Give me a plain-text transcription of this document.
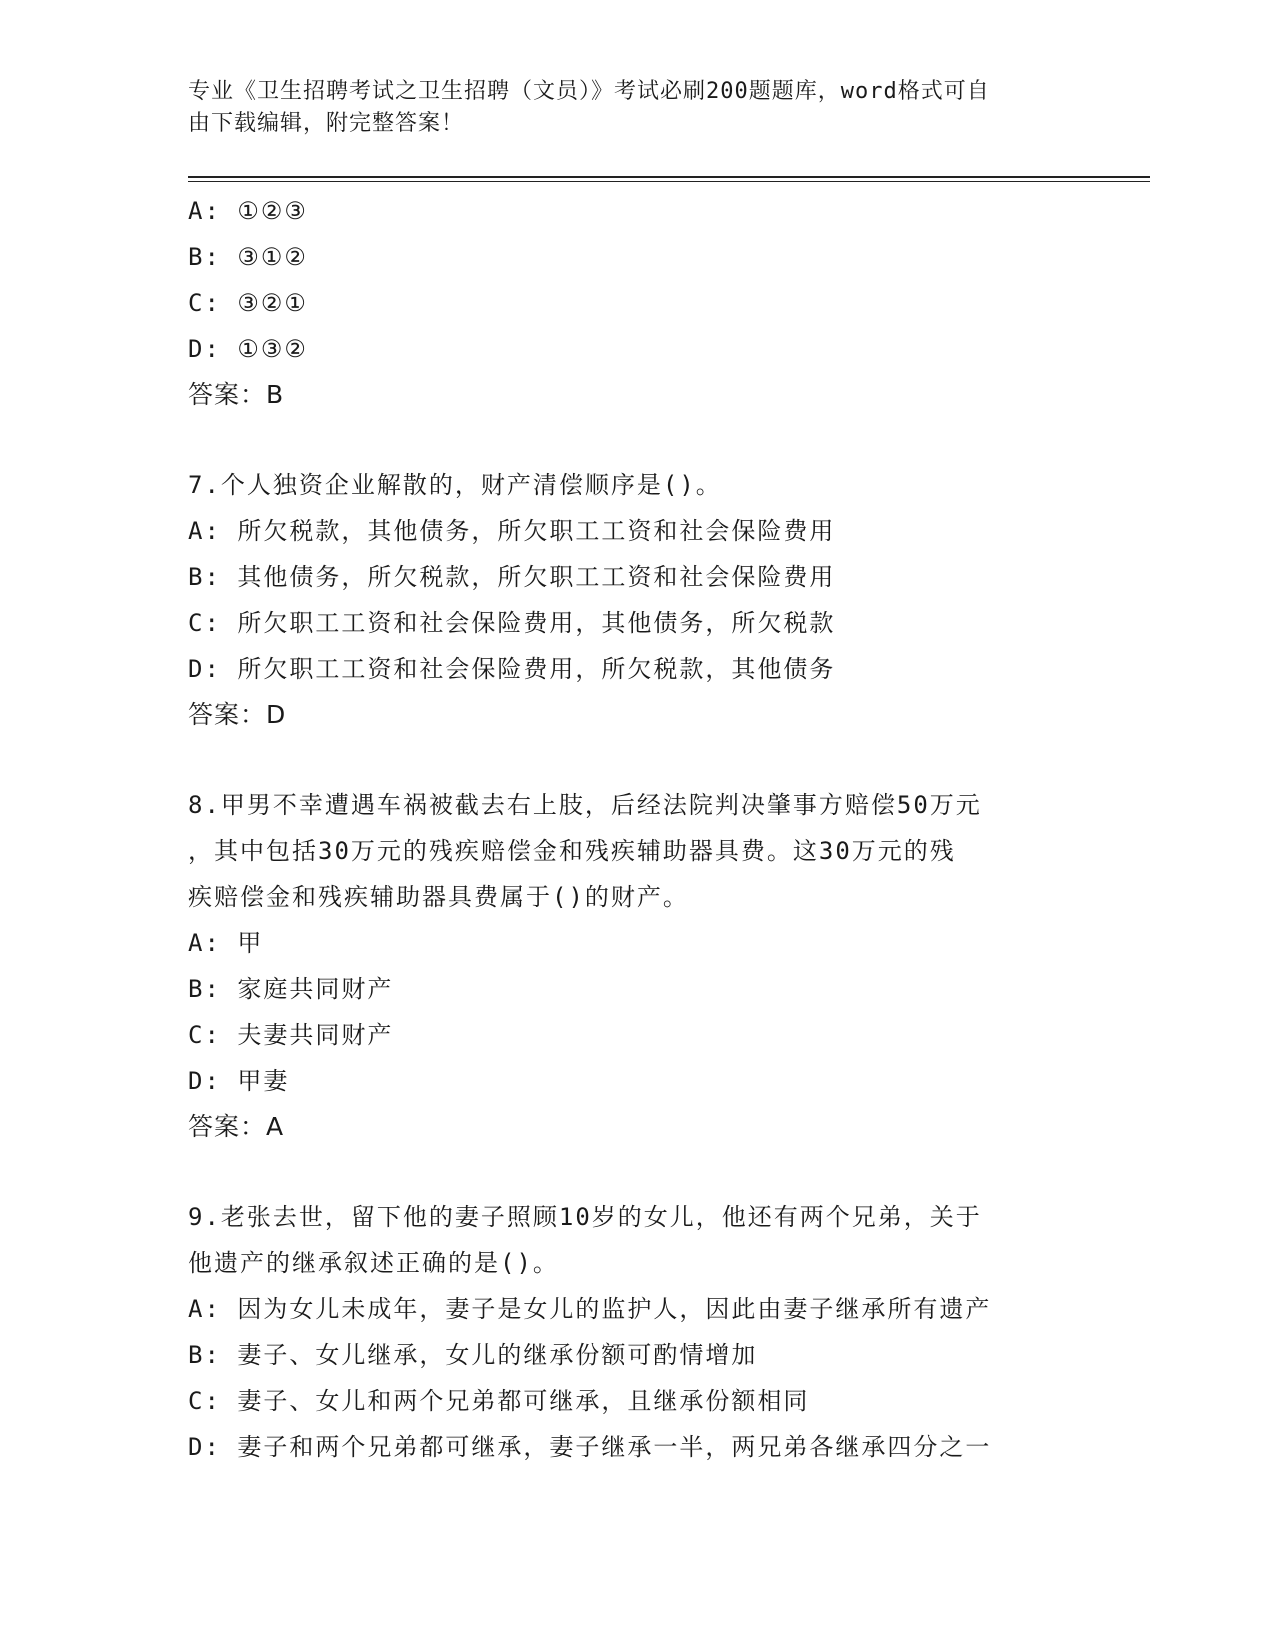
专业《卫生招聘考试之卫生招聘（文员）》考试必刷200题题库，word格式可自
由下载编辑，附完整答案！
A: ①②③
B: ③①②
C: ③②①
D: ①③②
答案：B
7.个人独资企业解散的，财产清偿顺序是()。
A: 所欠税款，其他债务，所欠职工工资和社会保险费用
B: 其他债务，所欠税款，所欠职工工资和社会保险费用
C: 所欠职工工资和社会保险费用，其他债务，所欠税款
D: 所欠职工工资和社会保险费用，所欠税款，其他债务
答案：D
8.甲男不幸遭遇车祸被截去右上肢，后经法院判决肇事方赔偿50万元
，其中包括30万元的残疾赔偿金和残疾辅助器具费。这30万元的残
疾赔偿金和残疾辅助器具费属于()的财产。
A: 甲
B: 家庭共同财产
C: 夫妻共同财产
D: 甲妻
答案：A
9.老张去世，留下他的妻子照顾10岁的女儿，他还有两个兄弟，关于
他遗产的继承叙述正确的是()。
A: 因为女儿未成年，妻子是女儿的监护人，因此由妻子继承所有遗产
B: 妻子、女儿继承，女儿的继承份额可酌情增加
C: 妻子、女儿和两个兄弟都可继承，且继承份额相同
D: 妻子和两个兄弟都可继承，妻子继承一半，两兄弟各继承四分之一
